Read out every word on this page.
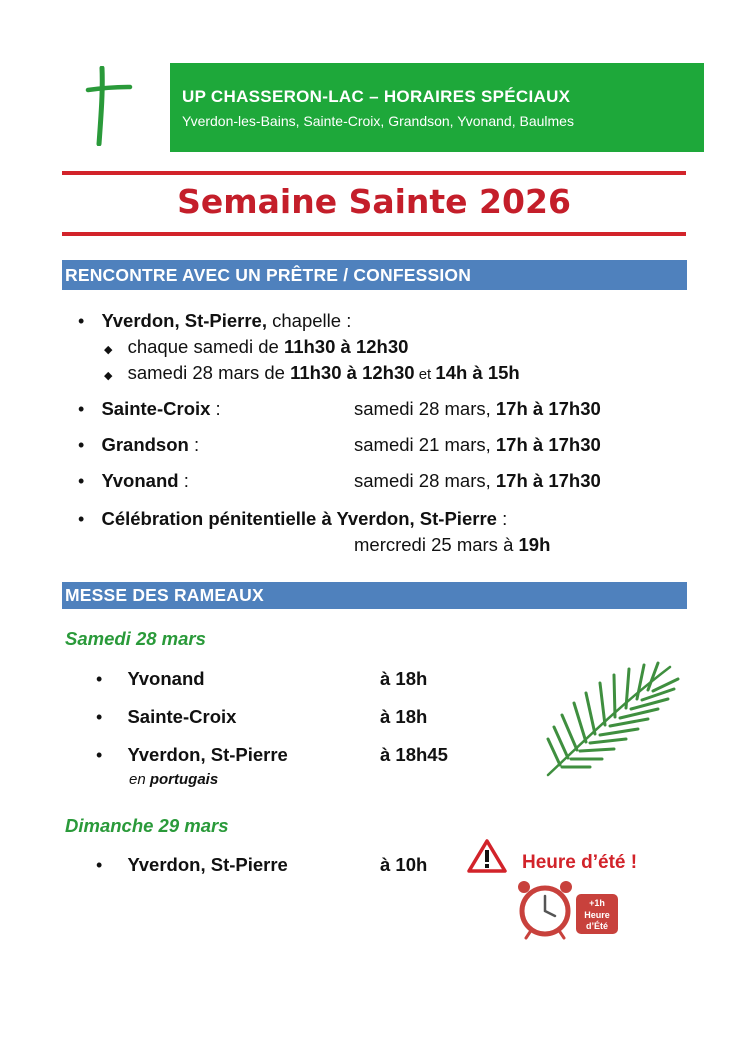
UP CHASSERON-LAC – HORAIRES SPÉCIAUX
Yverdon-les-Bains, Sainte-Croix, Grandson, Yvonand, Baulmes
Semaine Sainte 2026
RENCONTRE AVEC UN PRÊTRE / CONFESSION
• Yverdon, St-Pierre, chapelle :
◆ chaque samedi de 11h30 à 12h30
◆ samedi 28 mars de 11h30 à 12h30 et 14h à 15h
• Sainte-Croix :	samedi 28 mars, 17h à 17h30
• Grandson :	samedi 21 mars, 17h à 17h30
• Yvonand :	samedi 28 mars, 17h à 17h30
• Célébration pénitentielle à Yverdon, St-Pierre :
mercredi 25 mars à 19h
MESSE DES RAMEAUX
Samedi 28 mars
• Yvonand	à 18h
• Sainte-Croix	à 18h
• Yverdon, St-Pierre	à 18h45
en portugais
Dimanche 29 mars
• Yverdon, St-Pierre	à 10h	Heure d’été !
+1h
Heure
d’Été
